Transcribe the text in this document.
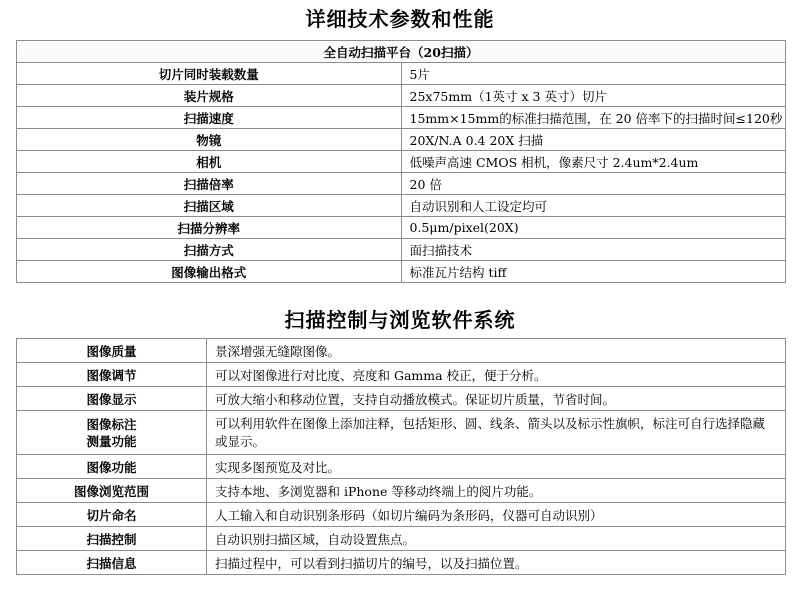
详细技术参数和性能
全自动扫描平台（20扫描）	
切片同时装载数量	5片
装片规格	25x75mm（1英寸 x 3 英寸）切片
扫描速度	15mm×15mm的标准扫描范围，在 20 倍率下的扫描时间≤120秒
物镜	20X/N.A 0.4 20X 扫描
相机	低噪声高速 CMOS 相机，像素尺寸 2.4um*2.4um
扫描倍率	20 倍
扫描区域	自动识别和人工设定均可
扫描分辨率	0.5μm/pixel(20X)
扫描方式	面扫描技术
图像输出格式	标准瓦片结构 tiff
扫描控制与浏览软件系统
图像质量	景深增强无缝隙图像。
图像调节	可以对图像进行对比度、亮度和 Gamma 校正，便于分析。
图像显示	可放大缩小和移动位置，支持自动播放模式。保证切片质量，节省时间。

图像标注
测量功能	可以利用软件在图像上添加注释，包括矩形、圆、线条、箭头以及标示性旗帜，标注可自行选择隐藏或显示。
图像功能	实现多图预览及对比。
图像浏览范围	支持本地、多浏览器和 iPhone 等移动终端上的阅片功能。
切片命名	人工输入和自动识别条形码（如切片编码为条形码，仪器可自动识别）
扫描控制	自动识别扫描区域，自动设置焦点。
扫描信息	扫描过程中，可以看到扫描切片的编号，以及扫描位置。
